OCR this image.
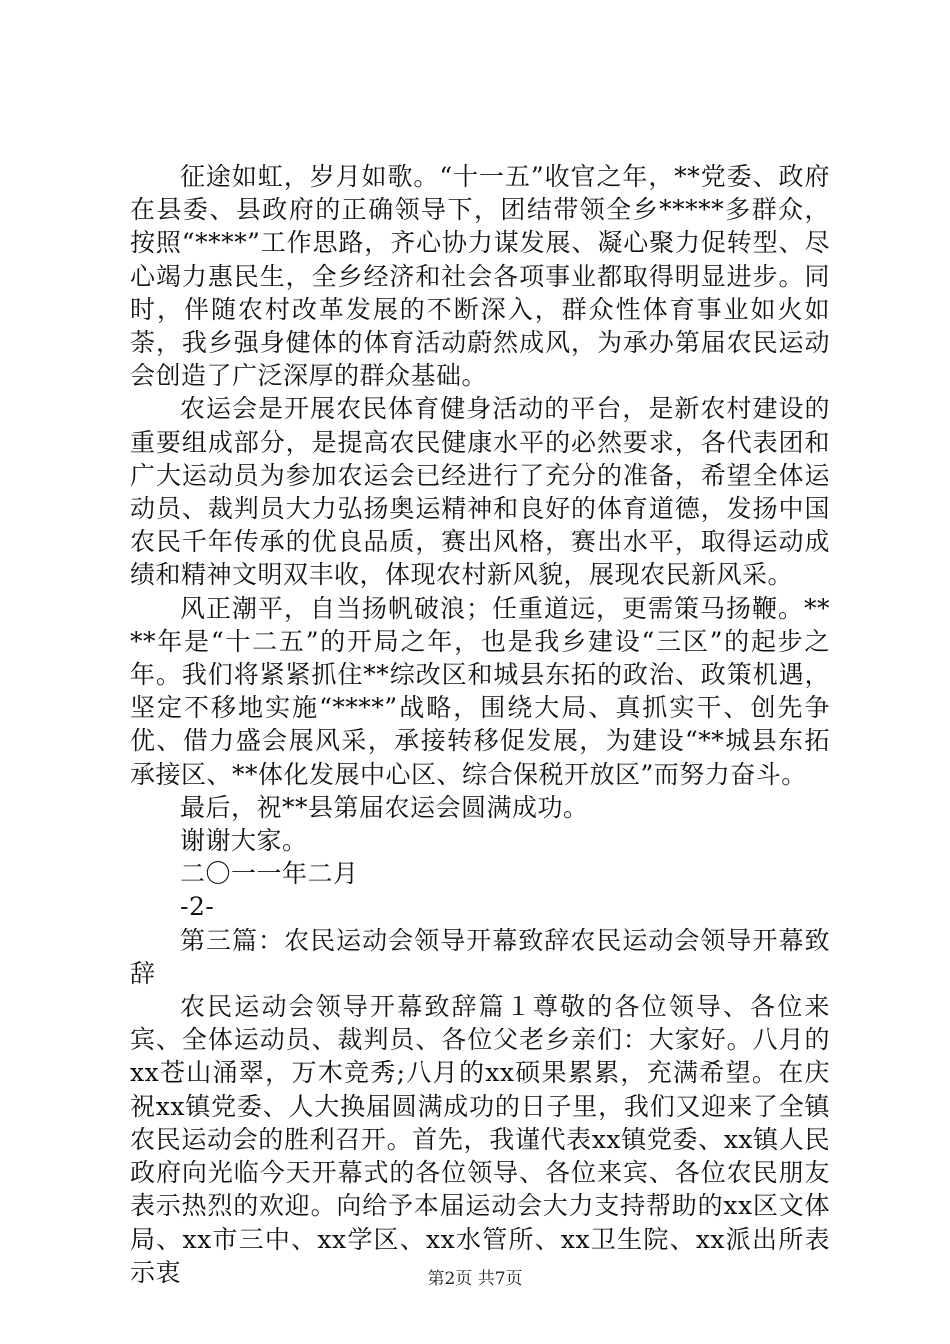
征途如虹，岁月如歌。“十一五”收官之年，**党委、政府在县委、县政府的正确领导下，团结带领全乡*****多群众，按照“****”工作思路，齐心协力谋发展、凝心聚力促转型、尽心竭力惠民生，全乡经济和社会各项事业都取得明显进步。同时，伴随农村改革发展的不断深入，群众性体育事业如火如荼，我乡强身健体的体育活动蔚然成风，为承办第届农民运动会创造了广泛深厚的群众基础。

农运会是开展农民体育健身活动的平台，是新农村建设的重要组成部分，是提高农民健康水平的必然要求，各代表团和广大运动员为参加农运会已经进行了充分的准备，希望全体运动员、裁判员大力弘扬奥运精神和良好的体育道德，发扬中国农民千年传承的优良品质，赛出风格，赛出水平，取得运动成绩和精神文明双丰收，体现农村新风貌，展现农民新风采。

风正潮平，自当扬帆破浪；任重道远，更需策马扬鞭。****年是“十二五”的开局之年，也是我乡建设“三区”的起步之年。我们将紧紧抓住**综改区和城县东拓的政治、政策机遇，坚定不移地实施“****”战略，围绕大局、真抓实干、创先争优、借力盛会展风采，承接转移促发展，为建设“**城县东拓承接区、**体化发展中心区、综合保税开放区”而努力奋斗。

最后，祝**县第届农运会圆满成功。

谢谢大家。

二〇一一年二月

-2-

第三篇：农民运动会领导开幕致辞农民运动会领导开幕致辞

农民运动会领导开幕致辞篇１尊敬的各位领导、各位来宾、全体运动员、裁判员、各位父老乡亲们：大家好。八月的xx苍山涌翠，万木竞秀;八月的xx硕果累累，充满希望。在庆祝xx镇党委、人大换届圆满成功的日子里，我们又迎来了全镇农民运动会的胜利召开。首先，我谨代表xx镇党委、xx镇人民政府向光临今天开幕式的各位领导、各位来宾、各位农民朋友表示热烈的欢迎。向给予本届运动会大力支持帮助的xx区文体局、xx市三中、xx学区、xx水管所、xx卫生院、xx派出所表示衷	第2页 共7页
